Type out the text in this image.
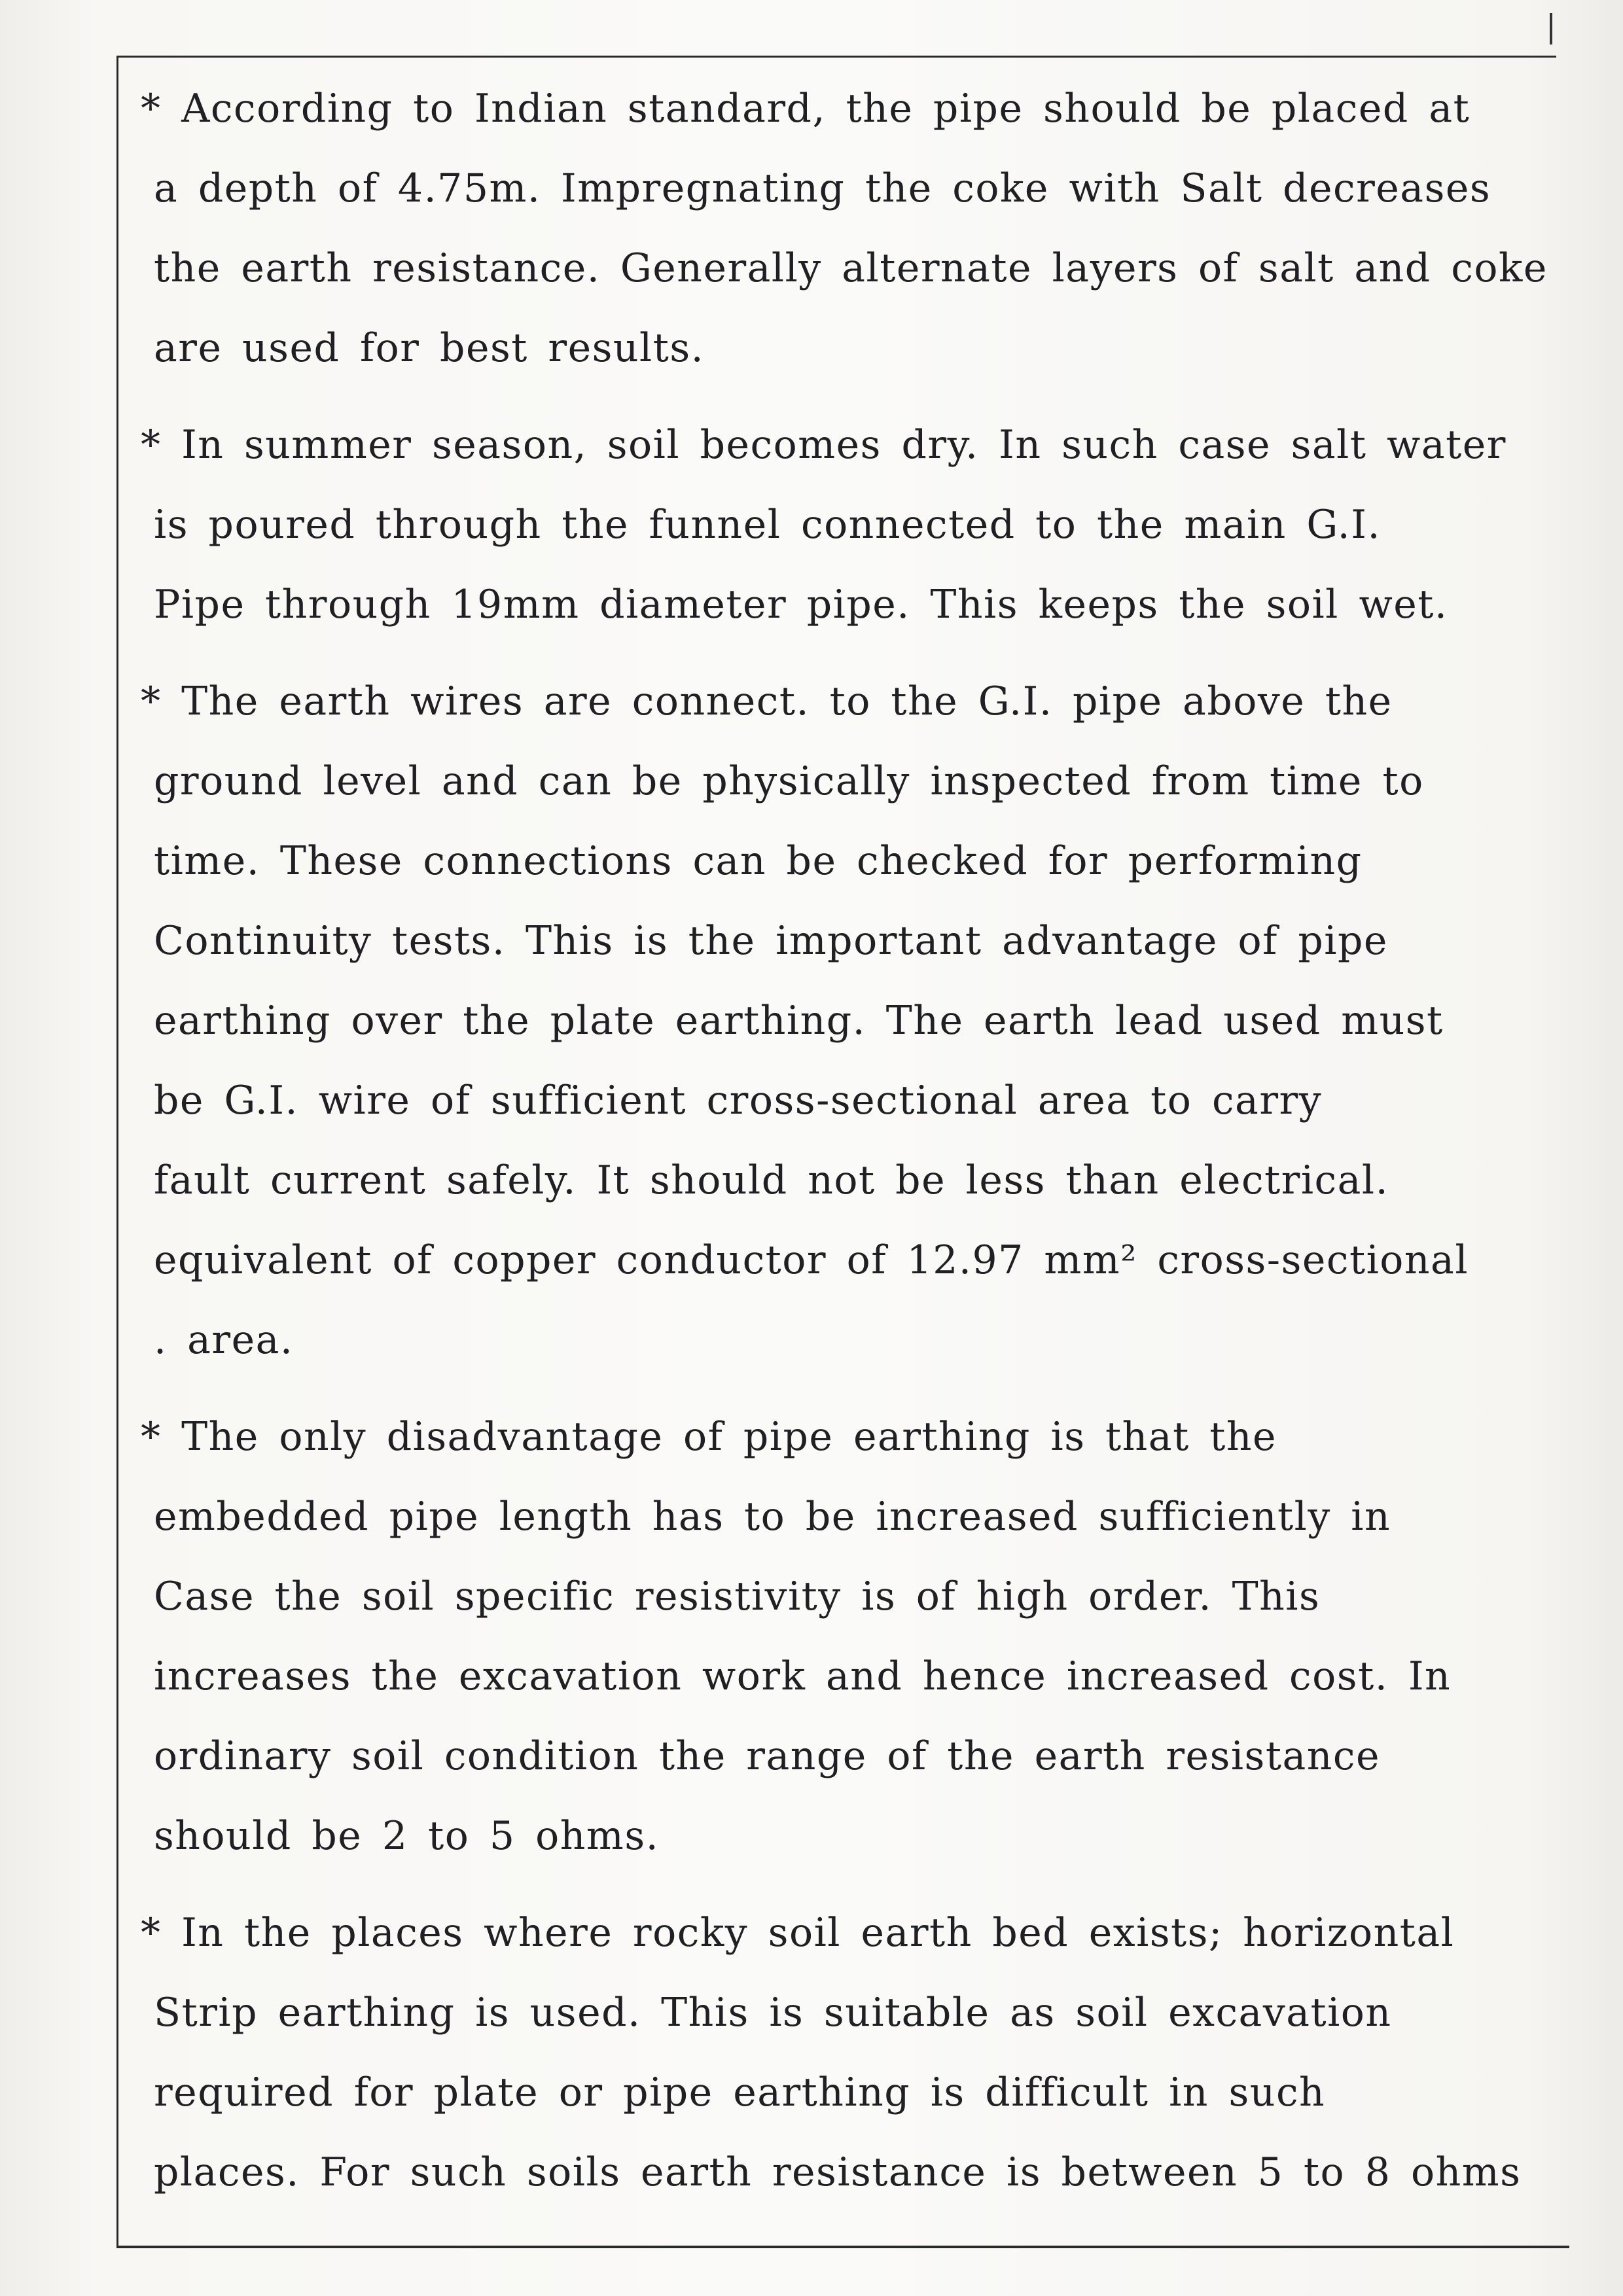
* According to Indian standard, the pipe should be placed at
a depth of 4.75m. Impregnating the coke with Salt decreases
the earth resistance. Generally alternate layers of salt and coke
are used for best results.
* In summer season, soil becomes dry. In such case salt water
is poured through the funnel connected to the main G.I.
Pipe through 19mm diameter pipe. This keeps the soil wet.
* The earth wires are connect. to the G.I. pipe above the
ground level and can be physically inspected from time to
time. These connections can be checked for performing
Continuity tests. This is the important advantage of pipe
earthing over the plate earthing. The earth lead used must
be G.I. wire of sufficient cross-sectional area to carry
fault current safely. It should not be less than electrical.
equivalent of copper conductor of 12.97 mm² cross-sectional
. area.
* The only disadvantage of pipe earthing is that the
embedded pipe length has to be increased sufficiently in
Case the soil specific resistivity is of high order. This
increases the excavation work and hence increased cost. In
ordinary soil condition the range of the earth resistance
should be 2 to 5 ohms.
* In the places where rocky soil earth bed exists; horizontal
Strip earthing is used. This is suitable as soil excavation
required for plate or pipe earthing is difficult in such
places. For such soils earth resistance is between 5 to 8 ohms
